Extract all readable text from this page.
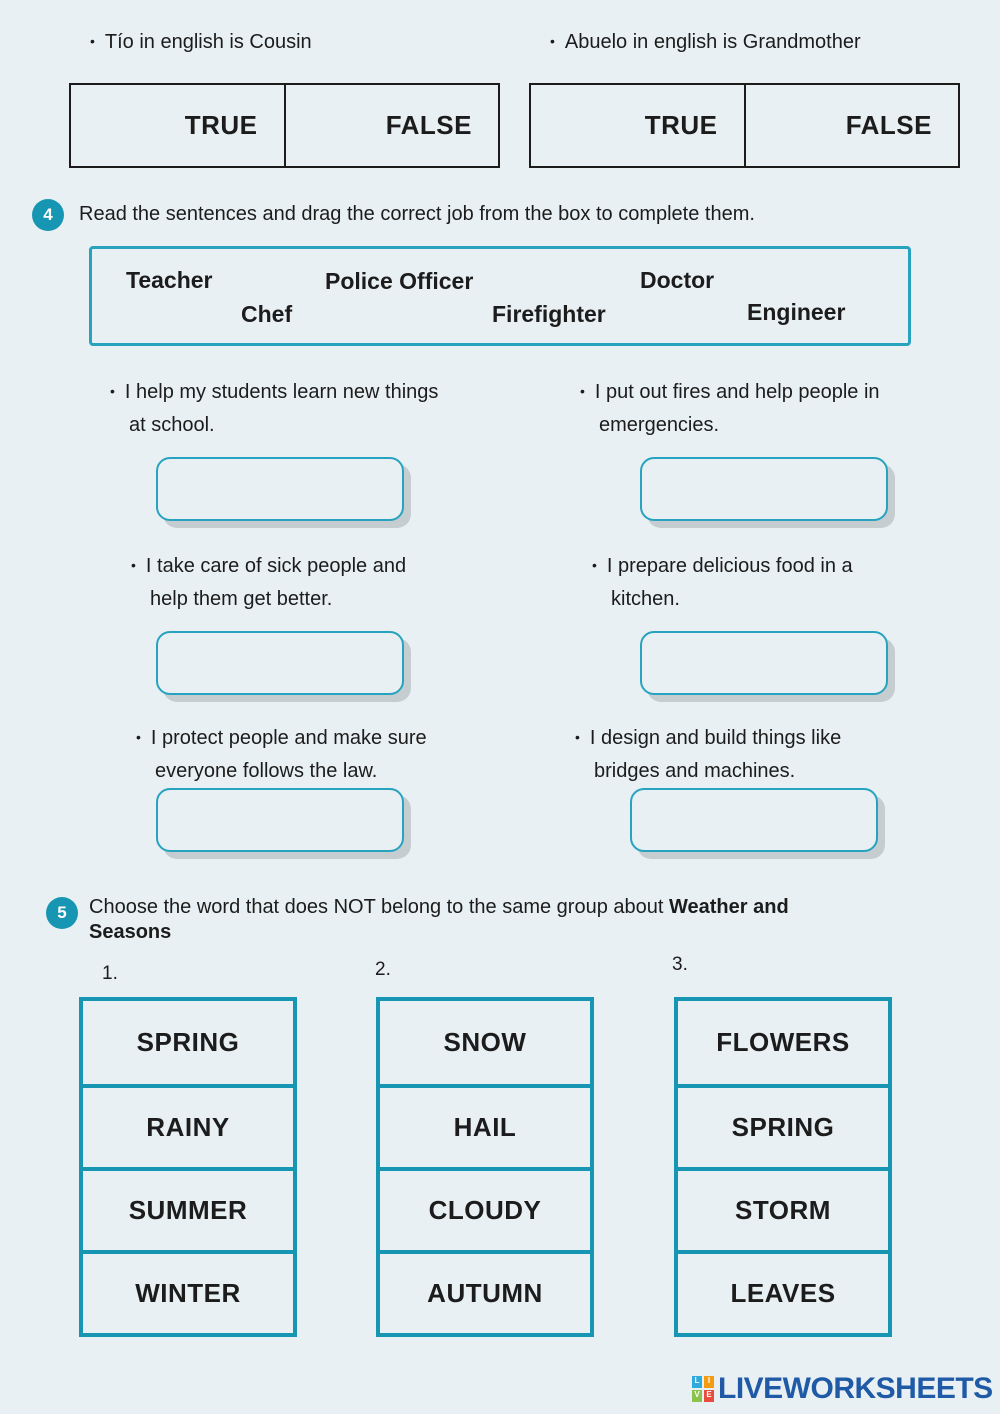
• Tío in english is Cousin
•	Abuelo in english is Grandmother
TRUE	FALSE	TRUE	FALSE
4	Read the sentences and drag the correct job from the box to complete them.
Teacher	Police Officer	Doctor
Chef	Firefighter	Engineer
• I help my students learn new things
at school.
• I put out fires and help people in
emergencies.
• I take care of sick people and
help them get better.
• I prepare delicious food in a
kitchen.
• I protect people and make sure
everyone follows the law.
• I design and build things like
bridges and machines.
5	Choose the word that does NOT belong to the same group about Weather and
Seasons
1.	2.	3.
SPRING
RAINY
SUMMER
WINTER
SNOW
HAIL
CLOUDY
AUTUMN
FLOWERS
SPRING
STORM
LEAVES
L	I
V E LIVEWORKSHEETS
